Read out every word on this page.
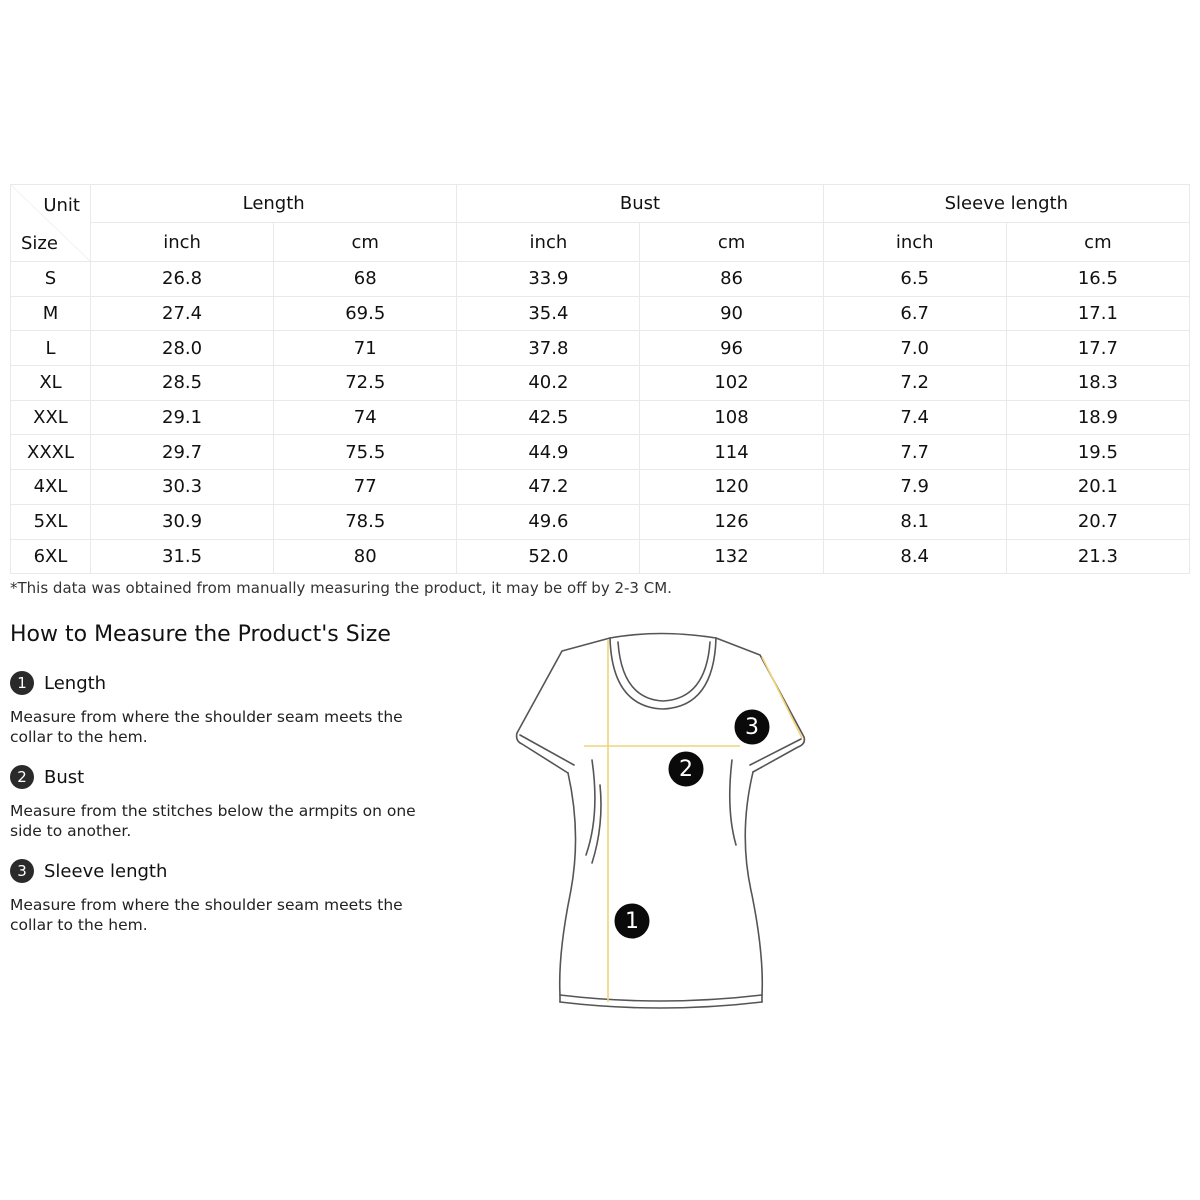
Unit
Size	Length		Bust		Sleeve length	
	inch	cm	inch	cm	inch	cm
S	26.8	68	33.9	86	6.5	16.5
M	27.4	69.5	35.4	90	6.7	17.1
L	28.0	71	37.8	96	7.0	17.7
XL	28.5	72.5	40.2	102	7.2	18.3
XXL	29.1	74	42.5	108	7.4	18.9
XXXL	29.7	75.5	44.9	114	7.7	19.5
4XL	30.3	77	47.2	120	7.9	20.1
5XL	30.9	78.5	49.6	126	8.1	20.7
6XL	31.5	80	52.0	132	8.4	21.3
*This data was obtained from manually measuring the product, it may be off by 2-3 CM.
How to Measure the Product's Size
1 Length
Measure from where the shoulder seam meets the collar to the hem.
2 Bust
Measure from the stitches below the armpits on one side to another.
3 Sleeve length
Measure from where the shoulder seam meets the collar to the hem.	1
2
3
